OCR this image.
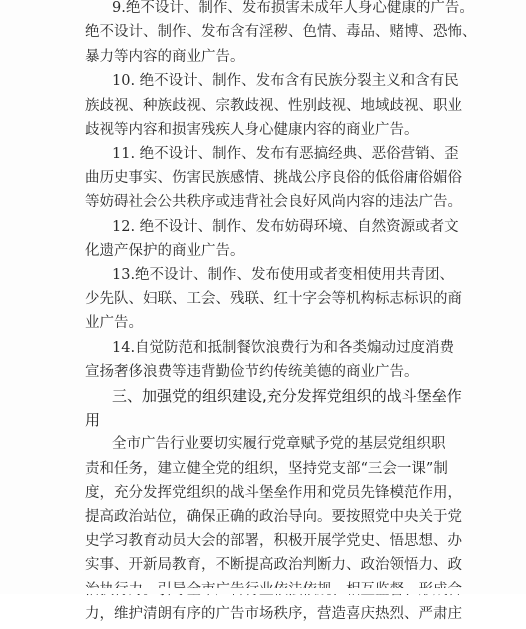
9.绝不设计、制作、发布损害未成年人身心健康的广告。
绝不设计、制作、发布含有淫秽、色情、毒品、赌博、恐怖、
暴力等内容的商业广告。
10. 绝不设计、制作、发布含有民族分裂主义和含有民
族歧视、种族歧视、宗教歧视、性别歧视、地域歧视、职业
歧视等内容和损害残疾人身心健康内容的商业广告。
11. 绝不设计、制作、发布有恶搞经典、恶俗营销、歪
曲历史事实、伤害民族感情、挑战公序良俗的低俗庸俗媚俗
等妨碍社会公共秩序或违背社会良好风尚内容的违法广告。
12. 绝不设计、制作、发布妨碍环境、自然资源或者文
化遗产保护的商业广告。
13.绝不设计、制作、发布使用或者变相使用共青团、
少先队、妇联、工会、残联、红十字会等机构标志标识的商
业广告。
14.自觉防范和抵制餐饮浪费行为和各类煽动过度消费
宣扬奢侈浪费等违背勤俭节约传统美德的商业广告。
三、加强党的组织建设,充分发挥党组织的战斗堡垒作
用
全市广告行业要切实履行党章赋予党的基层党组织职
责和任务，建立健全党的组织，坚持党支部“三会一课”制
度，充分发挥党组织的战斗堡垒作用和党员先锋模范作用，
提高政治站位，确保正确的政治导向。要按照党中央关于党
史学习教育动员大会的部署，积极开展学党史、悟思想、办
实事、开新局教育，不断提高政治判断力、政治领悟力、政
力，维护清朗有序的广告市场秩序，营造喜庆热烈、严肃庄
